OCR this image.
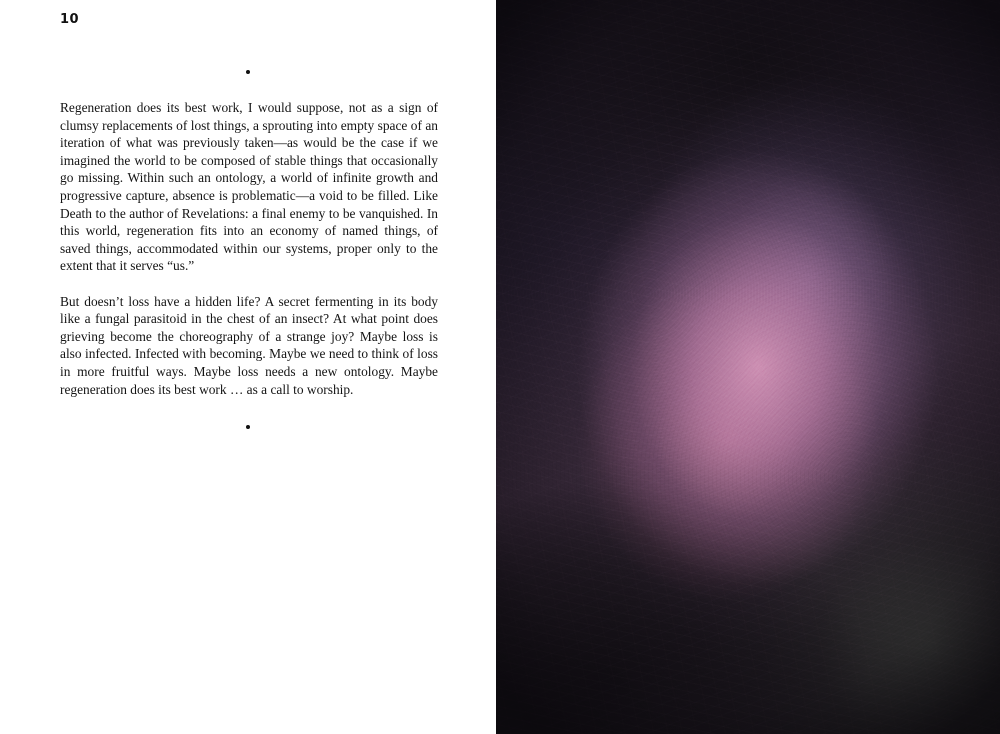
10

Regeneration does its best work, I would suppose, not as a sign of clumsy replacements of lost things, a sprouting into empty space of an iteration of what was previously taken—as would be the case if we imagined the world to be composed of stable things that occasionally go missing. Within such an ontology, a world of infinite growth and progressive capture, absence is problematic—a void to be filled. Like Death to the author of Revelations: a final enemy to be vanquished. In this world, regeneration fits into an economy of named things, of saved things, accommodated within our systems, proper only to the extent that it serves “us.”

But doesn’t loss have a hidden life? A secret fermenting in its body like a fungal parasitoid in the chest of an insect? At what point does grieving become the choreography of a strange joy? Maybe loss is also infected. Infected with becoming. Maybe we need to think of loss in more fruitful ways. Maybe loss needs a new ontology. Maybe regeneration does its best work … as a call to worship.
